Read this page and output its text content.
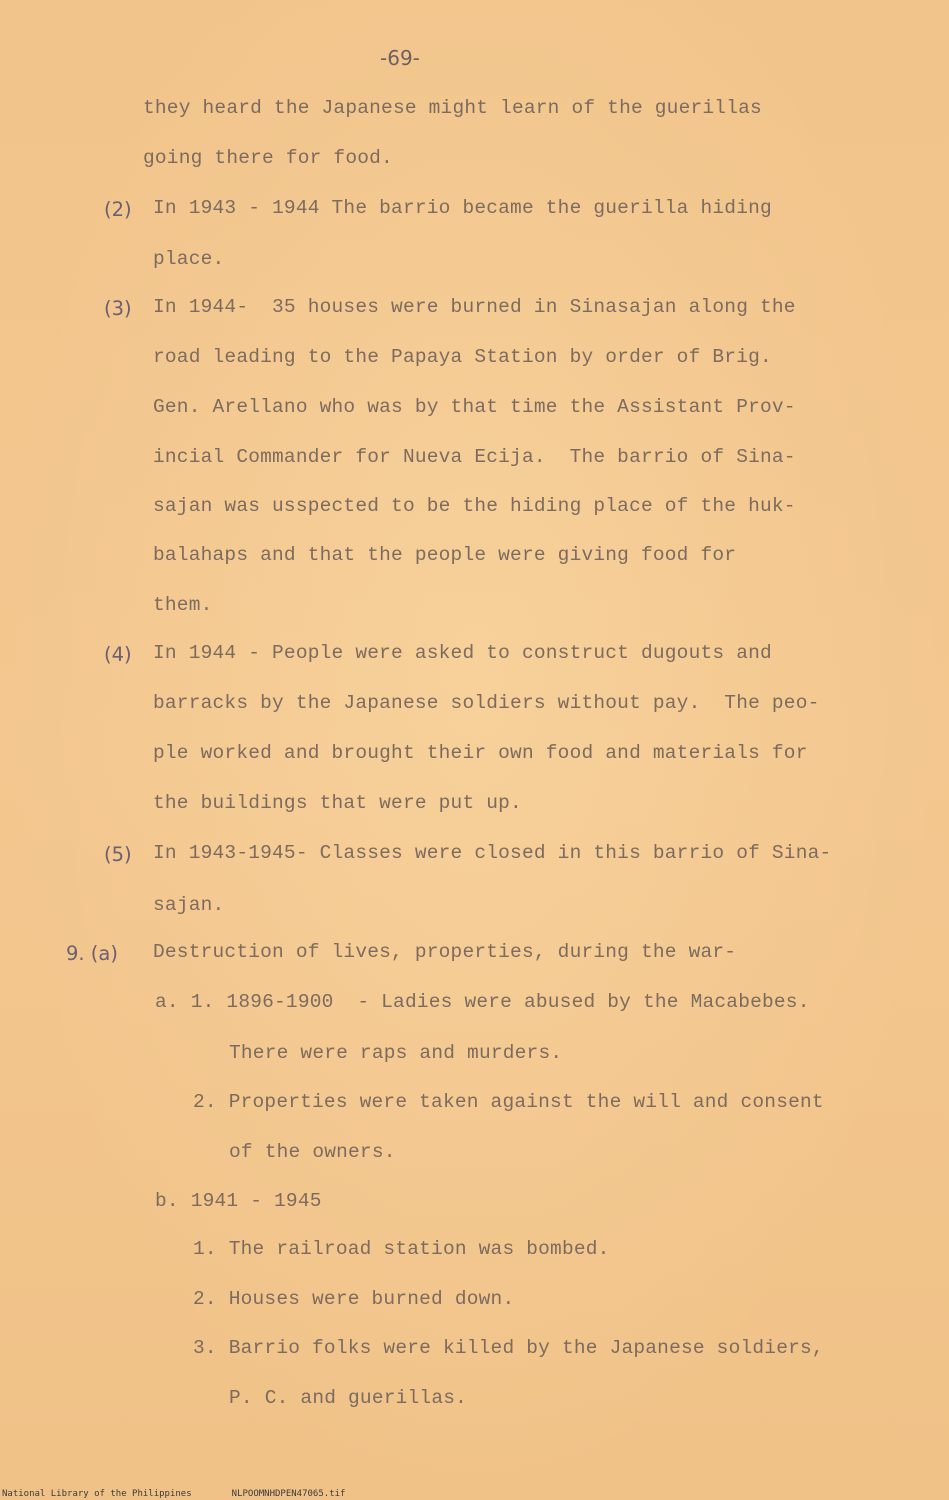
-69-
they heard the Japanese might learn of the guerillas
going there for food.
(2) In 1943 - 1944 The barrio became the guerilla hiding
place.
(3) In 1944-  35 houses were burned in Sinasajan along the
road leading to the Papaya Station by order of Brig.
Gen. Arellano who was by that time the Assistant Prov-
incial Commander for Nueva Ecija.  The barrio of Sina-
sajan was usspected to be the hiding place of the huk-
balahaps and that the people were giving food for
them.
(4) In 1944 - People were asked to construct dugouts and
barracks by the Japanese soldiers without pay.  The peo-
ple worked and brought their own food and materials for
the buildings that were put up.
(5) In 1943-1945- Classes were closed in this barrio of Sina-
sajan.
9. (a) Destruction of lives, properties, during the war-
a. 1. 1896-1900  - Ladies were abused by the Macabebes.
There were raps and murders.
2. Properties were taken against the will and consent
of the owners.
b. 1941 - 1945
1. The railroad station was bombed.
2. Houses were burned down.
3. Barrio folks were killed by the Japanese soldiers,
P. C. and guerillas.
National Library of the Philippines	NLPOOMNHDPEN47065.tif
